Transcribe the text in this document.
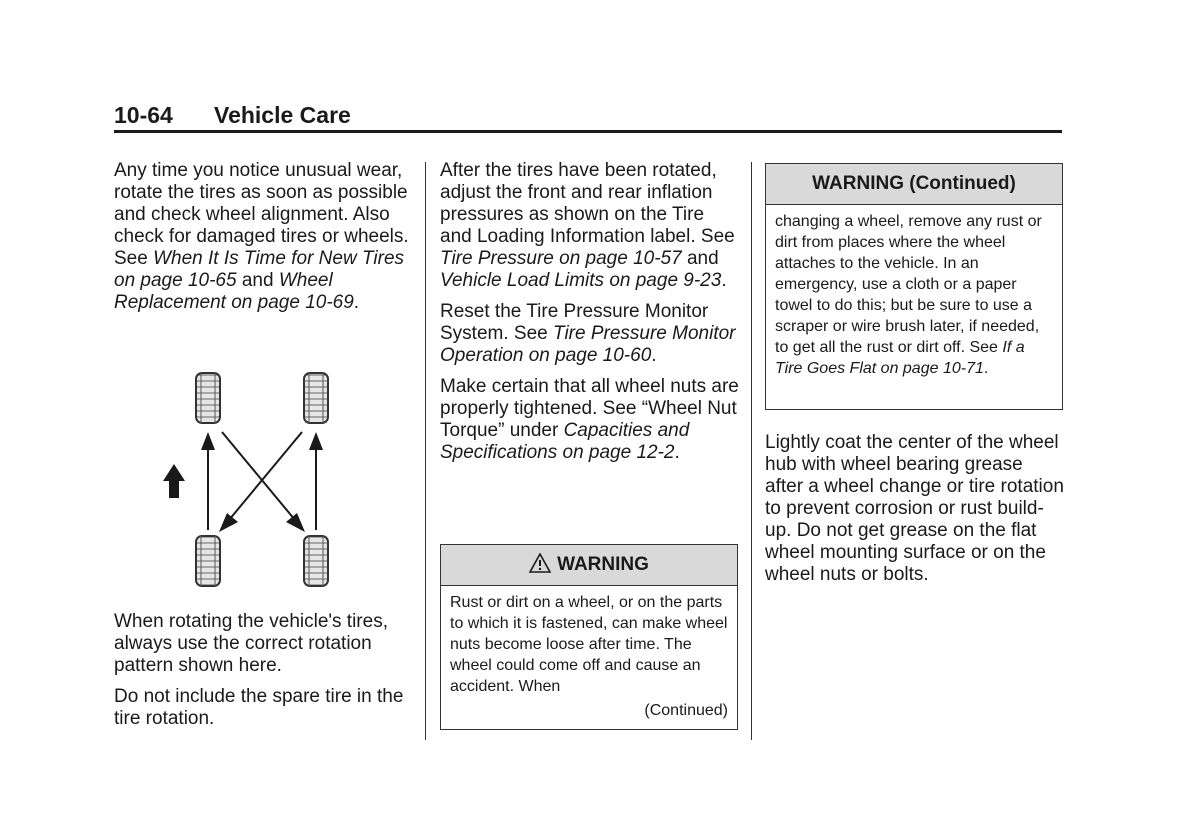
10-64 Vehicle Care

Any time you notice unusual wear, rotate the tires as soon as possible and check wheel alignment. Also check for damaged tires or wheels. See When It Is Time for New Tires on page 10-65 and Wheel Replacement on page 10-69.

When rotating the vehicle's tires, always use the correct rotation pattern shown here.

Do not include the spare tire in the tire rotation.

After the tires have been rotated, adjust the front and rear inflation pressures as shown on the Tire and Loading Information label. See Tire Pressure on page 10-57 and Vehicle Load Limits on page 9-23.

Reset the Tire Pressure Monitor System. See Tire Pressure Monitor Operation on page 10-60.

Make certain that all wheel nuts are properly tightened. See “Wheel Nut Torque” under Capacities and Specifications on page 12-2.

WARNING
Rust or dirt on a wheel, or on the parts to which it is fastened, can make wheel nuts become loose after time. The wheel could come off and cause an accident. When
(Continued)
WARNING (Continued)
changing a wheel, remove any rust or dirt from places where the wheel attaches to the vehicle. In an emergency, use a cloth or a paper towel to do this; but be sure to use a scraper or wire brush later, if needed, to get all the rust or dirt off. See If a Tire Goes Flat on page 10-71.

Lightly coat the center of the wheel hub with wheel bearing grease after a wheel change or tire rotation to prevent corrosion or rust build-up. Do not get grease on the flat wheel mounting surface or on the wheel nuts or bolts.
